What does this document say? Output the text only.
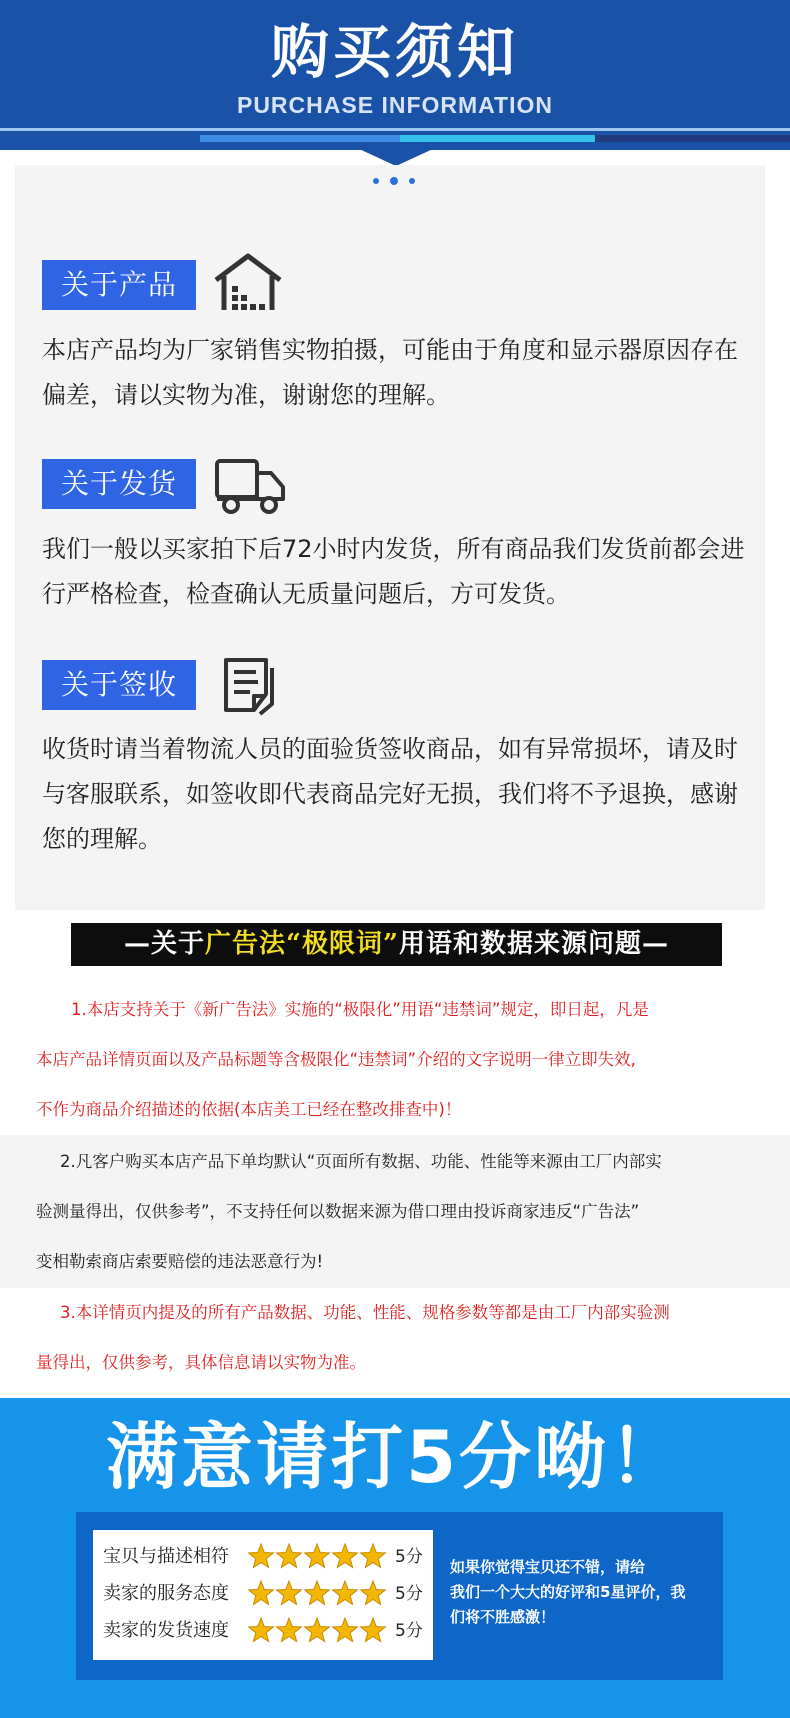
购买须知
PURCHASE INFORMATION
关于产品
本店产品均为厂家销售实物拍摄，可能由于角度和显示器原因存在偏差，请以实物为准，谢谢您的理解。
关于发货
我们一般以买家拍下后72小时内发货，所有商品我们发货前都会进行严格检查，检查确认无质量问题后，方可发货。
关于签收
收货时请当着物流人员的面验货签收商品，如有异常损坏，请及时与客服联系，如签收即代表商品完好无损，我们将不予退换，感谢您的理解。
—关于广告法“极限词”用语和数据来源问题—
1.本店支持关于《新广告法》实施的“极限化”用语“违禁词”规定，即日起，凡是
本店产品详情页面以及产品标题等含极限化“违禁词”介绍的文字说明一律立即失效,
不作为商品介绍描述的依据(本店美工已经在整改排查中)！
2.凡客户购买本店产品下单均默认“页面所有数据、功能、性能等来源由工厂内部实
验测量得出，仅供参考”，不支持任何以数据来源为借口理由投诉商家违反“广告法”
变相勒索商店索要赔偿的违法恶意行为!
3.本详情页内提及的所有产品数据、功能、性能、规格参数等都是由工厂内部实验测
量得出，仅供参考，具体信息请以实物为准。
满意请打5分呦！
宝贝与描述相符	5分
卖家的服务态度	5分
卖家的发货速度	5分
如果你觉得宝贝还不错，请给
我们一个大大的好评和5星评价，我
们将不胜感激！
